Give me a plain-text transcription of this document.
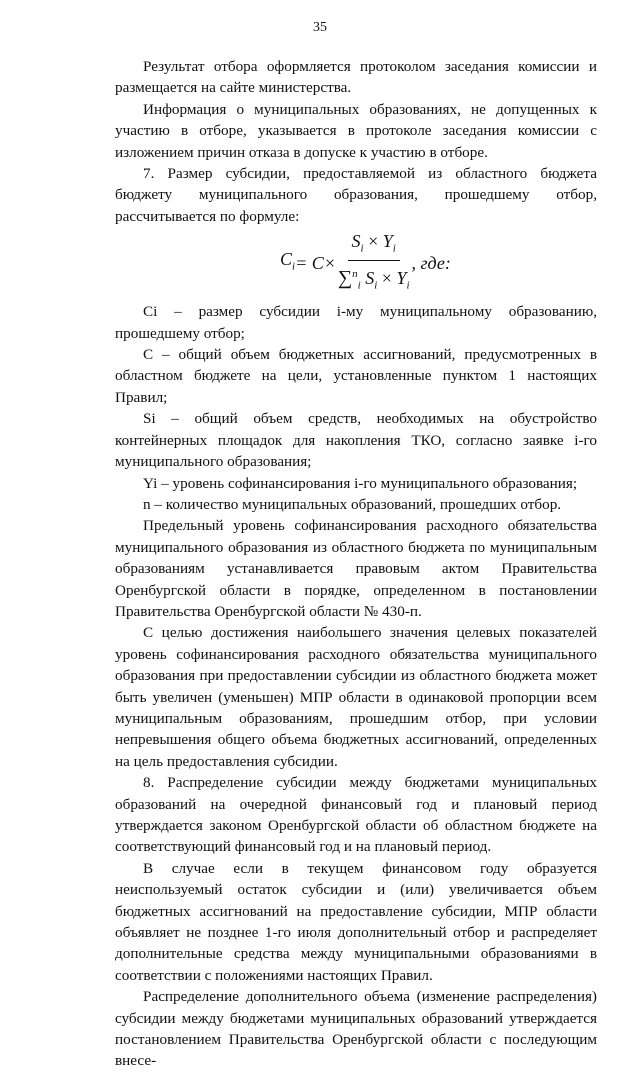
35

Результат отбора оформляется протоколом заседания комиссии и размещается на сайте министерства.

Информация о муниципальных образованиях, не допущенных к участию в отборе, указывается в протоколе заседания комиссии с изложением причин отказа в допуске к участию в отборе.

7. Размер субсидии, предоставляемой из областного бюджета бюджету муниципального образования, прошедшему отбор, рассчитывается по формуле:

$C_i = C\times \frac{S_i \times Y_i}{\sum^n_i S_i \times Y_i}$ , где:

Сi – размер субсидии i-му муниципальному образованию, прошедшему отбор;

С – общий объем бюджетных ассигнований, предусмотренных в областном бюджете на цели, установленные пунктом 1 настоящих Правил;

Si – общий объем средств, необходимых на обустройство контейнерных площадок для накопления ТКО, согласно заявке i-го муниципального образования;

Yi – уровень софинансирования i-го муниципального образования;

n – количество муниципальных образований, прошедших отбор.

Предельный уровень софинансирования расходного обязательства муниципального образования из областного бюджета по муниципальным образованиям устанавливается правовым актом Правительства Оренбургской области в порядке, определенном в постановлении Правительства Оренбургской области № 430-п.

С целью достижения наибольшего значения целевых показателей уровень софинансирования расходного обязательства муниципального образования при предоставлении субсидии из областного бюджета может быть увеличен (уменьшен) МПР области в одинаковой пропорции всем муниципальным образованиям, прошедшим отбор, при условии непревышения общего объема бюджетных ассигнований, определенных на цель предоставления субсидии.

8. Распределение субсидии между бюджетами муниципальных образований на очередной финансовый год и плановый период утверждается законом Оренбургской области об областном бюджете на соответствующий финансовый год и на плановый период.

В случае если в текущем финансовом году образуется неиспользуемый остаток субсидии и (или) увеличивается объем бюджетных ассигнований на предоставление субсидии, МПР области объявляет не позднее 1-го июля дополнительный отбор и распределяет дополнительные средства между муниципальными образованиями в соответствии с положениями настоящих Правил.

Распределение дополнительного объема (изменение распределения) субсидии между бюджетами муниципальных образований утверждается постановлением Правительства Оренбургской области с последующим внесе-
